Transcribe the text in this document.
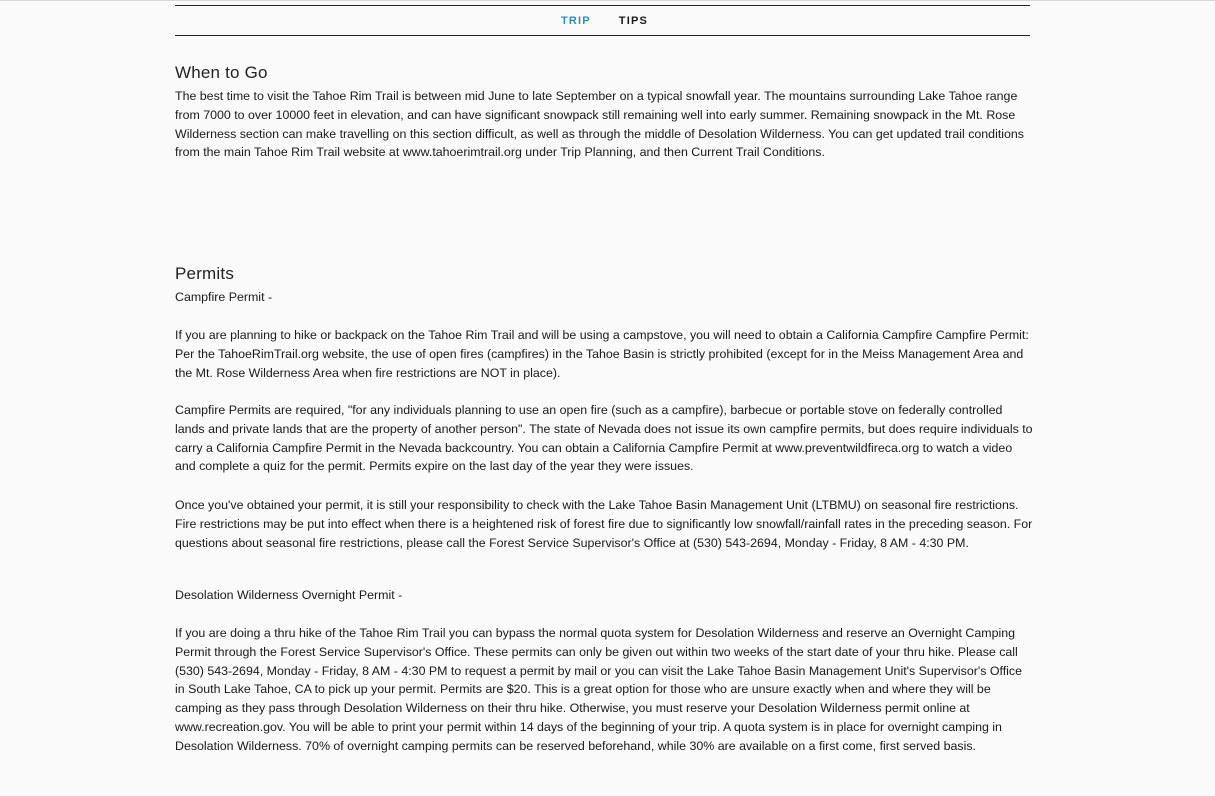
TRIP	TIPS
When to Go

The best time to visit the Tahoe Rim Trail is between mid June to late September on a typical snowfall year. The mountains surrounding Lake Tahoe range from 7000 to over 10000 feet in elevation, and can have significant snowpack still remaining well into early summer. Remaining snowpack in the Mt. Rose Wilderness section can make travelling on this section difficult, as well as through the middle of Desolation Wilderness. You can get updated trail conditions from the main Tahoe Rim Trail website at www.tahoerimtrail.org under Trip Planning, and then Current Trail Conditions.

Permits

Campfire Permit -

If you are planning to hike or backpack on the Tahoe Rim Trail and will be using a campstove, you will need to obtain a California Campfire Campfire Permit: Per the TahoeRimTrail.org website, the use of open fires (campfires) in the Tahoe Basin is strictly prohibited (except for in the Meiss Management Area and the Mt. Rose Wilderness Area when fire restrictions are NOT in place).

Campfire Permits are required, "for any individuals planning to use an open fire (such as a campfire), barbecue or portable stove on federally controlled lands and private lands that are the property of another person". The state of Nevada does not issue its own campfire permits, but does require individuals to carry a California Campfire Permit in the Nevada backcountry. You can obtain a California Campfire Permit at www.preventwildfireca.org to watch a video and complete a quiz for the permit. Permits expire on the last day of the year they were issues.

Once you've obtained your permit, it is still your responsibility to check with the Lake Tahoe Basin Management Unit (LTBMU) on seasonal fire restrictions. Fire restrictions may be put into effect when there is a heightened risk of forest fire due to significantly low snowfall/rainfall rates in the preceding season. For questions about seasonal fire restrictions, please call the Forest Service Supervisor's Office at (530) 543-2694, Monday - Friday, 8 AM - 4:30 PM.

Desolation Wilderness Overnight Permit -

If you are doing a thru hike of the Tahoe Rim Trail you can bypass the normal quota system for Desolation Wilderness and reserve an Overnight Camping Permit through the Forest Service Supervisor's Office. These permits can only be given out within two weeks of the start date of your thru hike. Please call (530) 543-2694, Monday - Friday, 8 AM - 4:30 PM to request a permit by mail or you can visit the Lake Tahoe Basin Management Unit's Supervisor's Office in South Lake Tahoe, CA to pick up your permit. Permits are $20. This is a great option for those who are unsure exactly when and where they will be camping as they pass through Desolation Wilderness on their thru hike. Otherwise, you must reserve your Desolation Wilderness permit online at www.recreation.gov. You will be able to print your permit within 14 days of the beginning of your trip. A quota system is in place for overnight camping in Desolation Wilderness. 70% of overnight camping permits can be reserved beforehand, while 30% are available on a first come, first served basis.
